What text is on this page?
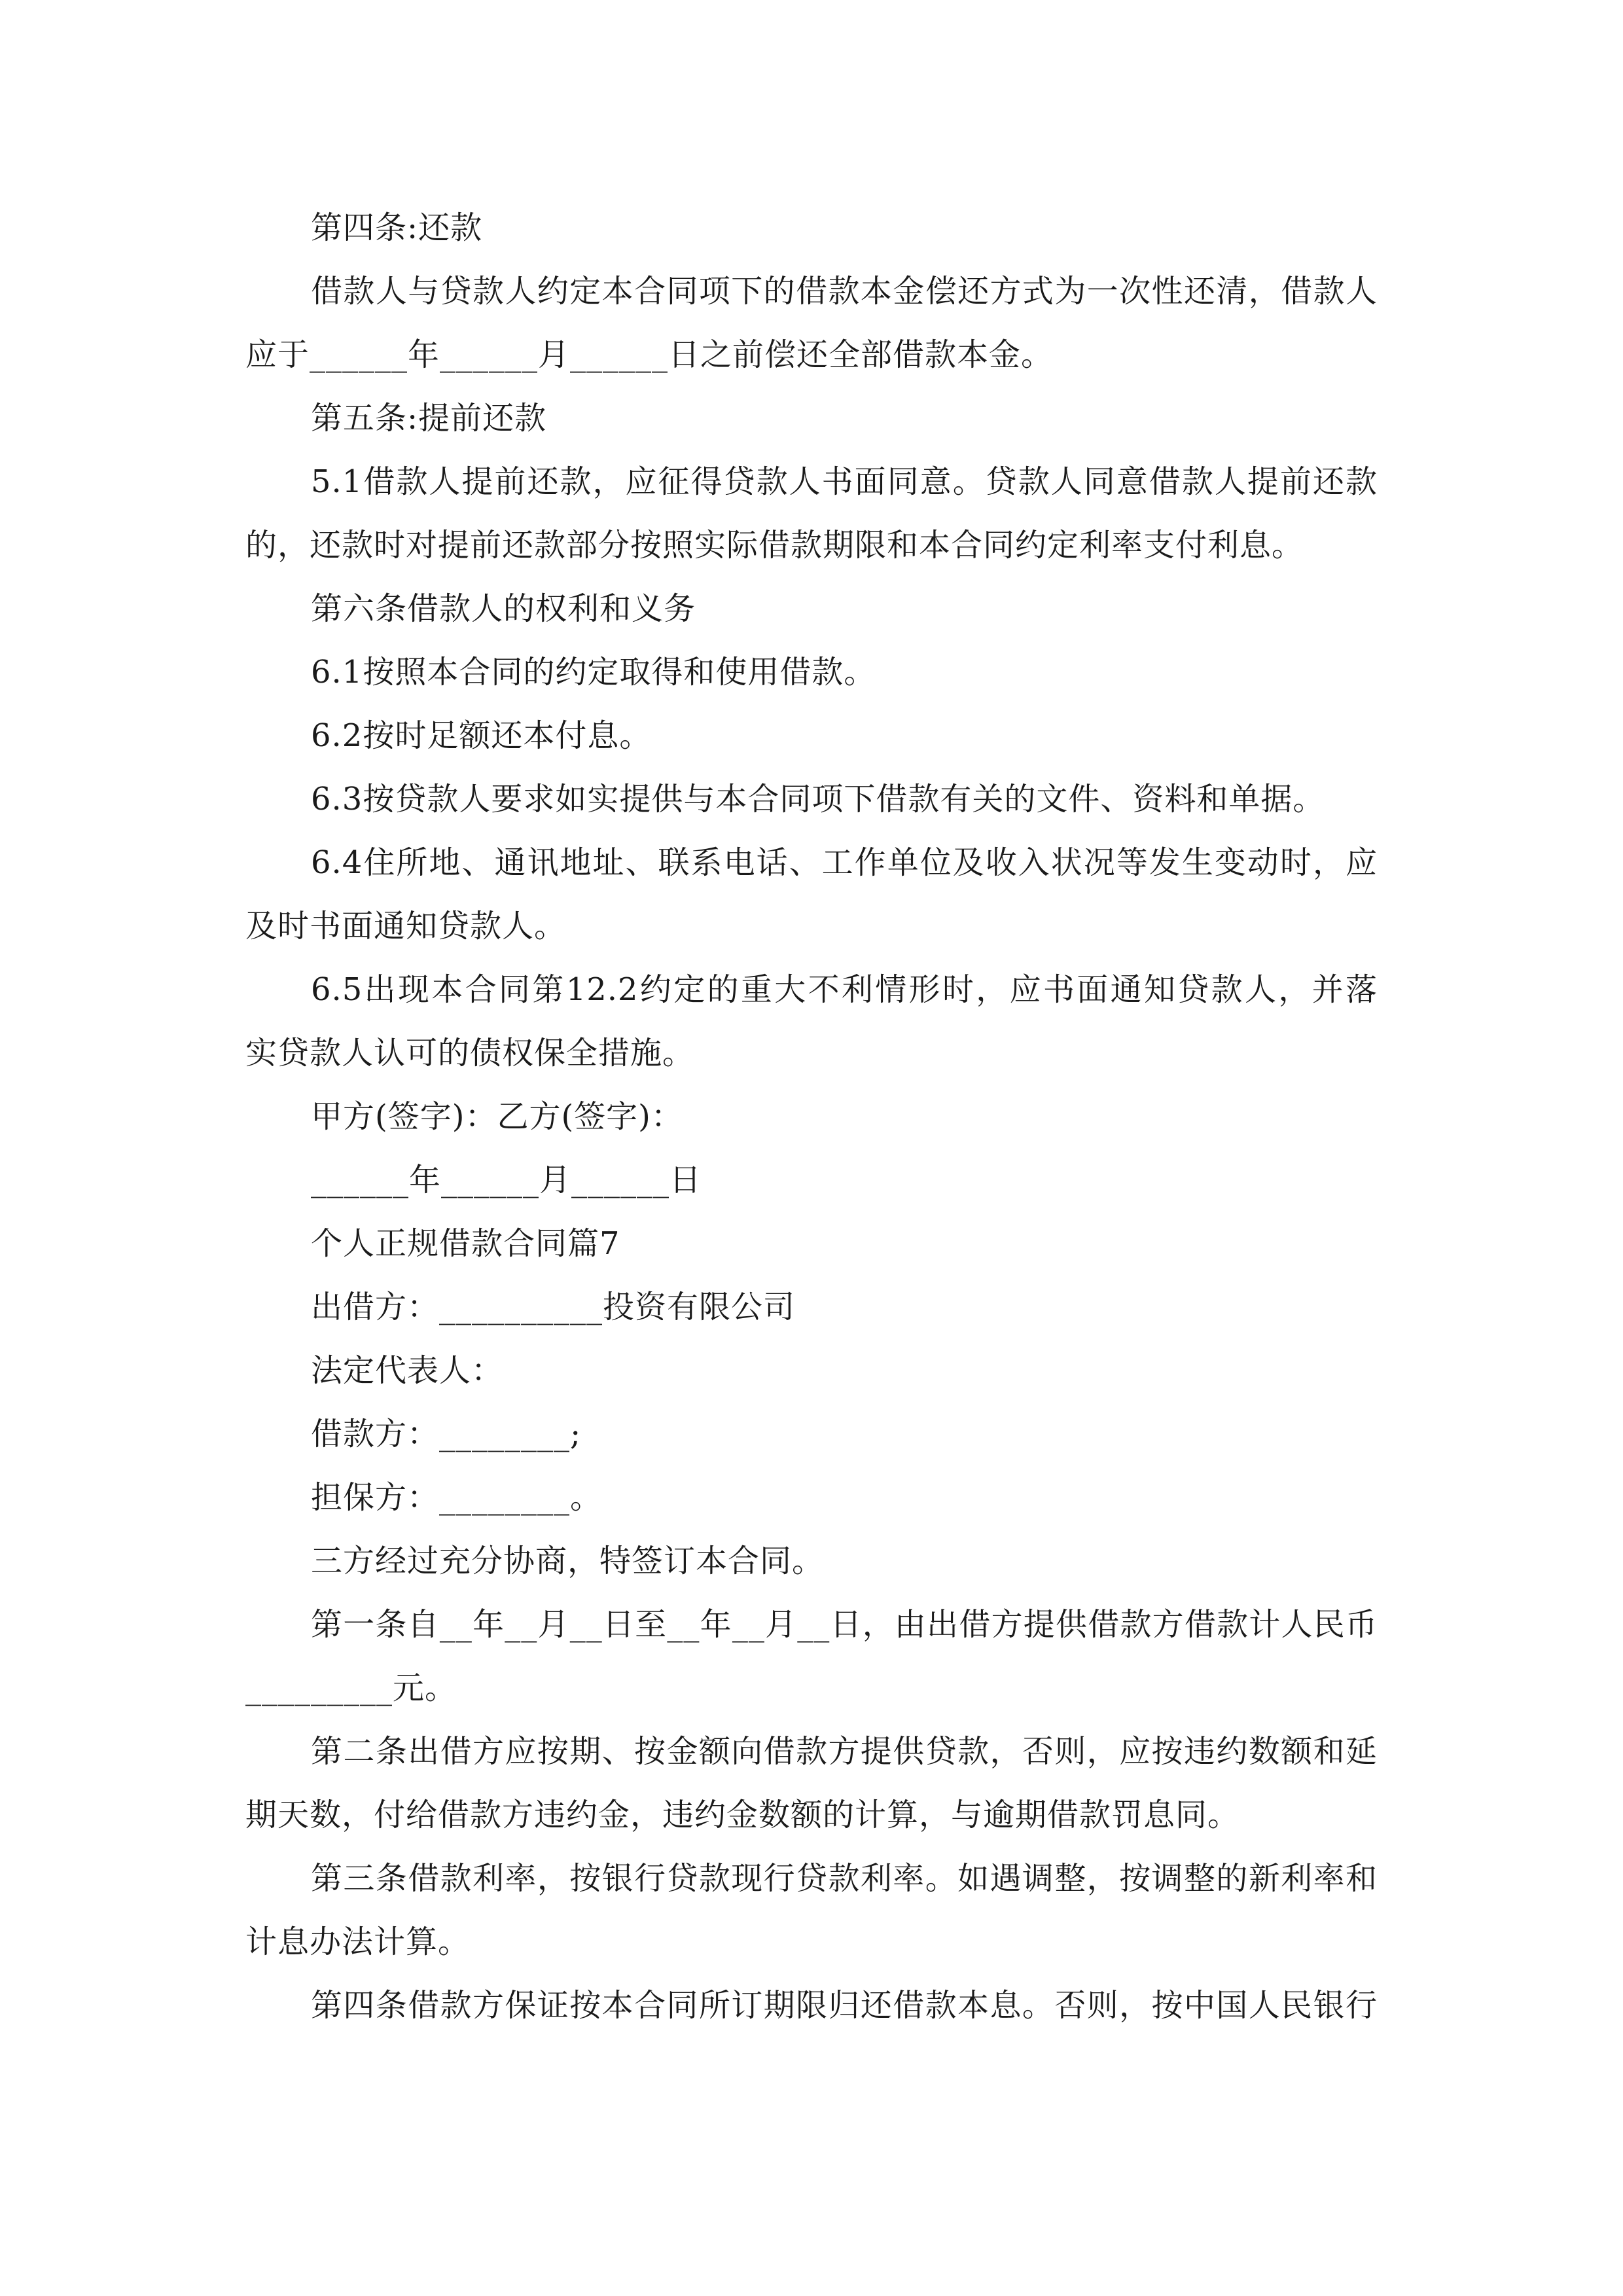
第四条:还款
借款人与贷款人约定本合同项下的借款本金偿还方式为一次性还清，借款人
应于______年______月______日之前偿还全部借款本金。
第五条:提前还款
5.1借款人提前还款，应征得贷款人书面同意。贷款人同意借款人提前还款
的，还款时对提前还款部分按照实际借款期限和本合同约定利率支付利息。
第六条借款人的权利和义务
6.1按照本合同的约定取得和使用借款。
6.2按时足额还本付息。
6.3按贷款人要求如实提供与本合同项下借款有关的文件、资料和单据。
6.4住所地、通讯地址、联系电话、工作单位及收入状况等发生变动时，应
及时书面通知贷款人。
6.5出现本合同第12.2约定的重大不利情形时，应书面通知贷款人，并落
实贷款人认可的债权保全措施。
甲方(签字)：乙方(签字)：
______年______月______日
个人正规借款合同篇7
出借方：__________投资有限公司
法定代表人：
借款方：________;
担保方：________。
三方经过充分协商，特签订本合同。
第一条自__年__月__日至__年__月__日，由出借方提供借款方借款计人民币
_________元。
第二条出借方应按期、按金额向借款方提供贷款，否则，应按违约数额和延
期天数，付给借款方违约金，违约金数额的计算，与逾期借款罚息同。
第三条借款利率，按银行贷款现行贷款利率。如遇调整，按调整的新利率和
计息办法计算。
第四条借款方保证按本合同所订期限归还借款本息。否则，按中国人民银行
